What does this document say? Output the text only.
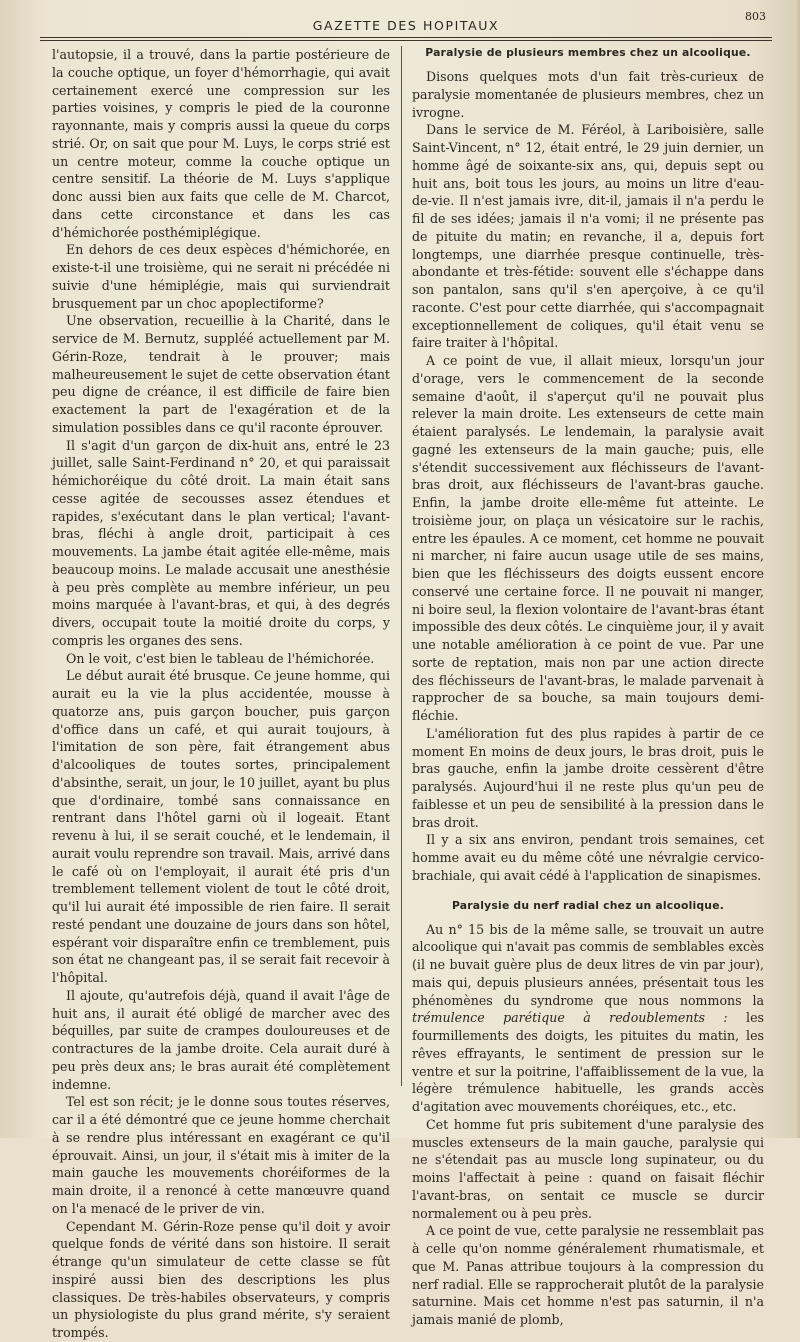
GAZETTE DES HOPITAUX
803

l'autopsie, il a trouvé, dans la partie postérieure de la couche optique, un foyer d'hémorrhagie, qui avait certainement exercé une compression sur les parties voisines, y compris le pied de la couronne rayonnante, mais y compris aussi la queue du corps strié. Or, on sait que pour M. Luys, le corps strié est un centre moteur, comme la couche optique un centre sensitif. La théorie de M. Luys s'applique donc aussi bien aux faits que celle de M. Charcot, dans cette circonstance et dans les cas d'hémichorée posthémiplégique.

En dehors de ces deux espèces d'hémichorée, en existe-t-il une troisième, qui ne serait ni précédée ni suivie d'une hémiplégie, mais qui surviendrait brusquement par un choc apoplectiforme?

Une observation, recueillie à la Charité, dans le service de M. Bernutz, suppléé actuellement par M. Gérin-Roze, tendrait à le prouver; mais malheureusement le sujet de cette observation étant peu digne de créance, il est difficile de faire bien exactement la part de l'exagération et de la simulation possibles dans ce qu'il raconte éprouver.

Il s'agit d'un garçon de dix-huit ans, entré le 23 juillet, salle Saint-Ferdinand n° 20, et qui paraissait hémichoréique du côté droit. La main était sans cesse agitée de secousses assez étendues et rapides, s'exécutant dans le plan vertical; l'avant-bras, fléchi à angle droit, participait à ces mouvements. La jambe était agitée elle-même, mais beaucoup moins. Le malade accusait une anesthésie à peu près complète au membre inférieur, un peu moins marquée à l'avant-bras, et qui, à des degrés divers, occupait toute la moitié droite du corps, y compris les organes des sens.

On le voit, c'est bien le tableau de l'hémichorée.

Le début aurait été brusque. Ce jeune homme, qui aurait eu la vie la plus accidentée, mousse à quatorze ans, puis garçon boucher, puis garçon d'office dans un café, et qui aurait toujours, à l'imitation de son père, fait étrangement abus d'alcooliques de toutes sortes, principalement d'absinthe, serait, un jour, le 10 juillet, ayant bu plus que d'ordinaire, tombé sans connaissance en rentrant dans l'hôtel garni où il logeait. Etant revenu à lui, il se serait couché, et le lendemain, il aurait voulu reprendre son travail. Mais, arrivé dans le café où on l'employait, il aurait été pris d'un tremblement tellement violent de tout le côté droit, qu'il lui aurait été impossible de rien faire. Il serait resté pendant une douzaine de jours dans son hôtel, espérant voir disparaître enfin ce tremblement, puis son état ne changeant pas, il se serait fait recevoir à l'hôpital.

Il ajoute, qu'autrefois déjà, quand il avait l'âge de huit ans, il aurait été obligé de marcher avec des béquilles, par suite de crampes douloureuses et de contractures de la jambe droite. Cela aurait duré à peu près deux ans; le bras aurait été complètement indemne.

Tel est son récit; je le donne sous toutes réserves, car il a été démontré que ce jeune homme cherchait à se rendre plus intéressant en exagérant ce qu'il éprouvait. Ainsi, un jour, il s'était mis à imiter de la main gauche les mouvements choréiformes de la main droite, il a renoncé à cette manœuvre quand on l'a menacé de le priver de vin.

Cependant M. Gérin-Roze pense qu'il doit y avoir quelque fonds de vérité dans son histoire. Il serait étrange qu'un simulateur de cette classe se fût inspiré aussi bien des descriptions les plus classiques. De très-habiles observateurs, y compris un physiologiste du plus grand mérite, s'y seraient trompés.

Paralysie de plusieurs membres chez un alcoolique.

Disons quelques mots d'un fait très-curieux de paralysie momentanée de plusieurs membres, chez un ivrogne.

Dans le service de M. Féréol, à Lariboisière, salle Saint-Vincent, n° 12, était entré, le 29 juin dernier, un homme âgé de soixante-six ans, qui, depuis sept ou huit ans, boit tous les jours, au moins un litre d'eau-de-vie. Il n'est jamais ivre, dit-il, jamais il n'a perdu le fil de ses idées; jamais il n'a vomi; il ne présente pas de pituite du matin; en revanche, il a, depuis fort longtemps, une diarrhée presque continuelle, très-abondante et très-fétide: souvent elle s'échappe dans son pantalon, sans qu'il s'en aperçoive, à ce qu'il raconte. C'est pour cette diarrhée, qui s'accompagnait exceptionnellement de coliques, qu'il était venu se faire traiter à l'hôpital.

A ce point de vue, il allait mieux, lorsqu'un jour d'orage, vers le commencement de la seconde semaine d'août, il s'aperçut qu'il ne pouvait plus relever la main droite. Les extenseurs de cette main étaient paralysés. Le lendemain, la paralysie avait gagné les extenseurs de la main gauche; puis, elle s'étendit successivement aux fléchisseurs de l'avant-bras droit, aux fléchisseurs de l'avant-bras gauche. Enfin, la jambe droite elle-même fut atteinte. Le troisième jour, on plaça un vésicatoire sur le rachis, entre les épaules. A ce moment, cet homme ne pouvait ni marcher, ni faire aucun usage utile de ses mains, bien que les fléchisseurs des doigts eussent encore conservé une certaine force. Il ne pouvait ni manger, ni boire seul, la flexion volontaire de l'avant-bras étant impossible des deux côtés. Le cinquième jour, il y avait une notable amélioration à ce point de vue. Par une sorte de reptation, mais non par une action directe des fléchisseurs de l'avant-bras, le malade parvenait à rapprocher de sa bouche, sa main toujours demi-fléchie.

L'amélioration fut des plus rapides à partir de ce moment En moins de deux jours, le bras droit, puis le bras gauche, enfin la jambe droite cessèrent d'être paralysés. Aujourd'hui il ne reste plus qu'un peu de faiblesse et un peu de sensibilité à la pression dans le bras droit.

Il y a six ans environ, pendant trois semaines, cet homme avait eu du même côté une névralgie cervico-brachiale, qui avait cédé à l'application de sinapismes.

Paralysie du nerf radial chez un alcoolique.

Au n° 15 bis de la même salle, se trouvait un autre alcoolique qui n'avait pas commis de semblables excès (il ne buvait guère plus de deux litres de vin par jour), mais qui, depuis plusieurs années, présentait tous les phénomènes du syndrome que nous nommons la trémulence parétique à redoublements : les fourmillements des doigts, les pituites du matin, les rêves effrayants, le sentiment de pression sur le ventre et sur la poitrine, l'affaiblissement de la vue, la légère trémulence habituelle, les grands accès d'agitation avec mouvements choréiques, etc., etc.

Cet homme fut pris subitement d'une paralysie des muscles extenseurs de la main gauche, paralysie qui ne s'étendait pas au muscle long supinateur, ou du moins l'affectait à peine : quand on faisait fléchir l'avant-bras, on sentait ce muscle se durcir normalement ou à peu près.

A ce point de vue, cette paralysie ne ressemblait pas à celle qu'on nomme généralement rhumatismale, et que M. Panas attribue toujours à la compression du nerf radial. Elle se rapprocherait plutôt de la paralysie saturnine. Mais cet homme n'est pas saturnin, il n'a jamais manié de plomb,
